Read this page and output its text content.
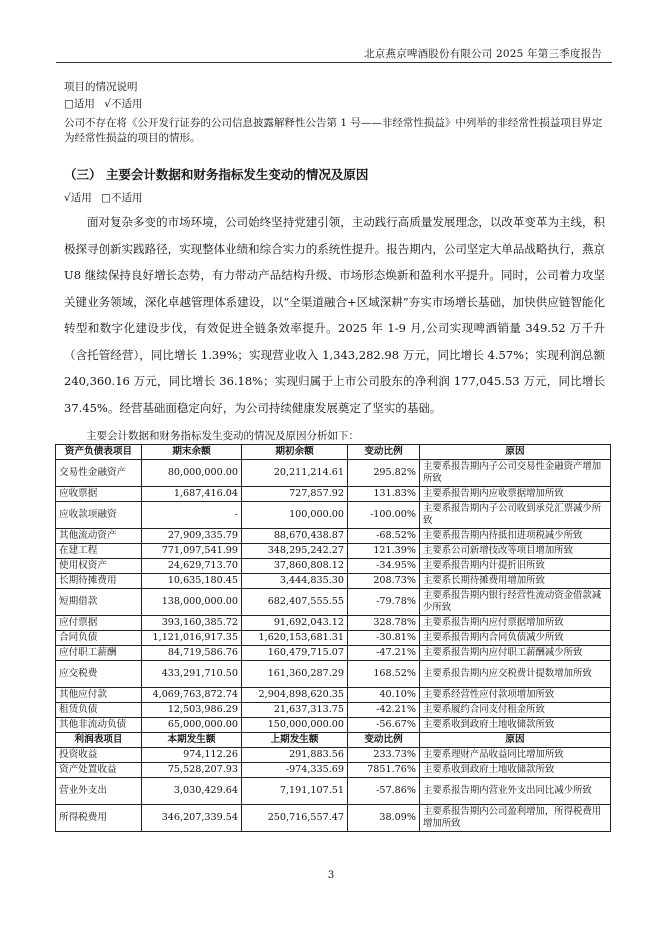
北京燕京啤酒股份有限公司 2025 年第三季度报告
项目的情况说明
□适用 √不适用
公司不存在将《公开发行证券的公司信息披露解释性公告第 1 号——非经常性损益》中列举的非经常性损益项目界定为经常性损益的项目的情形。
（三） 主要会计数据和财务指标发生变动的情况及原因
√适用 □不适用
面对复杂多变的市场环境，公司始终坚持党建引领，主动践行高质量发展理念，以改革变革为主线，积极探寻创新实践路径，实现整体业绩和综合实力的系统性提升。报告期内，公司坚定大单品战略执行，燕京 U8 继续保持良好增长态势，有力带动产品结构升级、市场形态焕新和盈利水平提升。同时，公司着力攻坚关键业务领域，深化卓越管理体系建设，以“全渠道融合+区域深耕”夯实市场增长基础，加快供应链智能化转型和数字化建设步伐，有效促进全链条效率提升。2025 年 1-9 月,公司实现啤酒销量 349.52 万千升（含托管经营），同比增长 1.39%；实现营业收入 1,343,282.98 万元，同比增长 4.57%；实现利润总额 240,360.16 万元，同比增长 36.18%；实现归属于上市公司股东的净利润 177,045.53 万元，同比增长 37.45%。经营基础面稳定向好，为公司持续健康发展奠定了坚实的基础。
主要会计数据和财务指标发生变动的情况及原因分析如下：
资产负债表项目	期末余额	期初余额	变动比例	原因
交易性金融资产	80,000,000.00	20,211,214.61	295.82%	主要系报告期内子公司交易性金融资产增加所致
应收票据	1,687,416.04	727,857.92	131.83%	主要系报告期内应收票据增加所致
应收款项融资	-	100,000.00	-100.00%	主要系报告期内子公司收到承兑汇票减少所致
其他流动资产	27,909,335.79	88,670,438.87	-68.52%	主要系报告期内待抵扣进项税减少所致
在建工程	771,097,541.99	348,295,242.27	121.39%	主要系公司新增技改等项目增加所致
使用权资产	24,629,713.70	37,860,808.12	-34.95%	主要系报告期内计提折旧所致
长期待摊费用	10,635,180.45	3,444,835.30	208.73%	主要系长期待摊费用增加所致
短期借款	138,000,000.00	682,407,555.55	-79.78%	主要系报告期内银行经营性流动资金借款减少所致
应付票据	393,160,385.72	91,692,043.12	328.78%	主要系报告期内应付票据增加所致
合同负债	1,121,016,917.35	1,620,153,681.31	-30.81%	主要系报告期内合同负债减少所致
应付职工薪酬	84,719,586.76	160,479,715.07	-47.21%	主要系报告期内应付职工薪酬减少所致
应交税费	433,291,710.50	161,360,287.29	168.52%	主要系报告期内应交税费计提数增加所致
其他应付款	4,069,763,872.74	2,904,898,620.35	40.10%	主要系经营性应付款项增加所致
租赁负债	12,503,986.29	21,637,313.75	-42.21%	主要系履约合同支付租金所致
其他非流动负债	65,000,000.00	150,000,000.00	-56.67%	主要系收到政府土地收储款所致
利润表项目	本期发生额	上期发生额	变动比例	原因
投资收益	974,112.26	291,883.56	233.73%	主要系理财产品收益同比增加所致
资产处置收益	75,528,207.93	-974,335.69	7851.76%	主要系收到政府土地收储款所致
营业外支出	3,030,429.64	7,191,107.51	-57.86%	主要系报告期内营业外支出同比减少所致
所得税费用	346,207,339.54	250,716,557.47	38.09%	主要系报告期内公司盈利增加，所得税费用增加所致
3
